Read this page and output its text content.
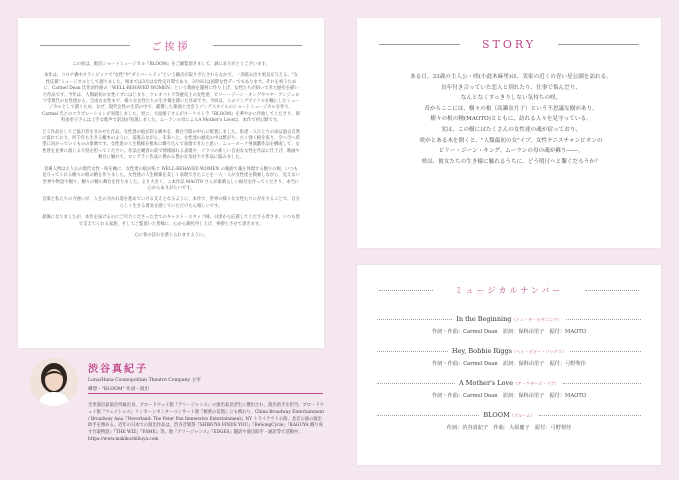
ご挨拶

この度は、配信ショートミュージカル『BLOOM』をご観覧頂きまして、誠にありがとうございます。

本作は、コロナ禍中オランピックで"女性"や"ダイバーシティ"という観点が取りざたされるなかで、一歩踏み出す勇気を与える、"女性応援"ミュージカルとして創りました。根本では3月は女性史月間であり、3月8日は国際女性デーでもあります。それを祝うために、Carmel Dean 氏作詞作曲の「WELL-BEHAVED WOMEN」という歌曲を題材に作り上げ、女性たちが紡いできた歴史を描いた作品です。今年は、人類最初の女性イブにはじまり、クレオパトラ等歴史上の女性達、ビリー・ジーン・キングやマヤ・アンジェロウ等現代の女性達から、自由な女性まで、様々な女性たちの生き様を描いた作品です。今回は、このソングサイクルを軸にしたミュージカルとして描くため、なぜ、現代女性の生活の中で、厳選した楽曲と出会うソングスタイルのショートミュージカルを作り、Carmel 氏とのコラボレーションが実現しました。更に、大屋慶子さんがオーケストラ『BLOOM』を華やかに作曲してくださり、保科由里子さんは上手な歌声で訳詞が実現しました。ムーランの母によるA Mother's Loveは、本作で初公開です。

どう作品をしてご協力者をきかせた作品、女性達の痕が彩る樹木を、舞台空間の中心に配置しました。私達一人ひとりの命は過去自然に溢れており、何千年も生きる樹木のように、前進みながら、未来へと、女性達の歴史の中は繁がり、古く強く根を張り、空へ空へ希望に向かっていくものの象徴です。女性達の人生模様を根本に織り込んで表現できたと思い、ニューヨーク州演劇作品を構成して、女性達を見事に演じる大役を担ってください。作品を観客の前で情緒溢れる表現や、ドラマの新しい自由な女性を作品に仕上げ、映画や舞台に触れて、ロングラン作品に携わる豊かな気持ちで作品に臨みました。

登場人物は主人公の現代女性・咲を軸に、女性達の痕が紡ぐ WELL-BEHAVED WOMEN の楽曲で魂を体現する樹々の根、いつも見守ってくれる樹々の根の精を作りました。女性達の人生模様を美しく表現できたことを一人一人が女性達を模索しながら、見えない世界や物語で樹々、樹々の精の舞台を作りました。より大きく、こ本作品 MAOTO さんが素晴らしい振付を作ってくださり、本当に心からありがたいです。

音楽と私たちの力強いが、人生の分かれ道を進めていける支えとなるように、本作で、世界の様々な女性たちに存在することで、自分らしく生きる勇気を感じていただけたら嬉しいです。

最後になりましたが、本作を届けるのにご尽力くださった全てのキャスト・スタッフ陣、日頃から応援してくださる皆さま、いつも傍で支えてくれる家族、そしてご覧頂いた皆様に、心から御礼申し上げ、挨拶とさせて頂きます。

心に春の訪れを感じられますように。

渋谷真紀子
Luna/Hana Cosmopolitan Theatre Company 主宰
構想・"BLOOM" 作詞・演出
全米演出家協会所属出身。ブロードウェイ版『アリージャンス』の演出家見習生に選出され、演出助手を担当。ブロードウェイ版『ウェイトレス』リンカーンセンターコンサート版『秘密の花園』にも携わり、China Broadway Entertainment / Broadway Asia『Neverland: The Peter Pan Immersive Entertainment』NY トライアウト公演、北京公演の演出助手を務める。近年の日本での演出作品は、渋谷音楽祭『SHIBUYA FINDS YOU』『ReSongCycle』『KAGUYA 織り成す竹取物語』『THE WIZ』『FAME』等。他『アリージャンス』『EDGES』翻訳や演出助手・通訳等で活動中。 https://www.makikoshibuya.com
STORY

ある日、33歳の主人公・咲(小此木麻里)は、実家の近くの青い星公園を訪れる。

長年付き合っていた恋人と別れたり、仕事で悩んだり、

なんとなくすっきりしない気持ちの咲。

昔からここには、樹々の根（高瀬奈月子）という不思議な樹があり、

樹々の根の精(MAOTO)とともに、訪れる人々を見守っている。

実は、この樹にはたくさんの女性達の魂が宿っており、

咲がとある木を開くと、"人類最初の女"イブ、女性テニスチャンピオンの

ビリー・ジーン・キング、ムーランの母の魂が蘇り――。

咲は、彼女たちの生き様に触れるうちに、どう明日へと繋ぐだろうか？

ミュージカルナンバー
In the Beginning（イン・ザ・ビギニング）
作詞・作曲：Carmel Dean　訳詞：保科由里子　振付：MAOTO
Hey, Bobbie Riggs（ヘイ・ボビー・リッグス）
作詞・作曲：Carmel Dean　訳詞：保科由里子　振付：弓野梨佳
A Mother's Love（ア・マザーズ・ラブ）
作詞・作曲：Carmel Dean　訳詞：保科由里子　振付：MAOTO
BLOOM（ブルーム）
作詞：渋谷真紀子　作曲：大屋慶子　振付：弓野梨佳
